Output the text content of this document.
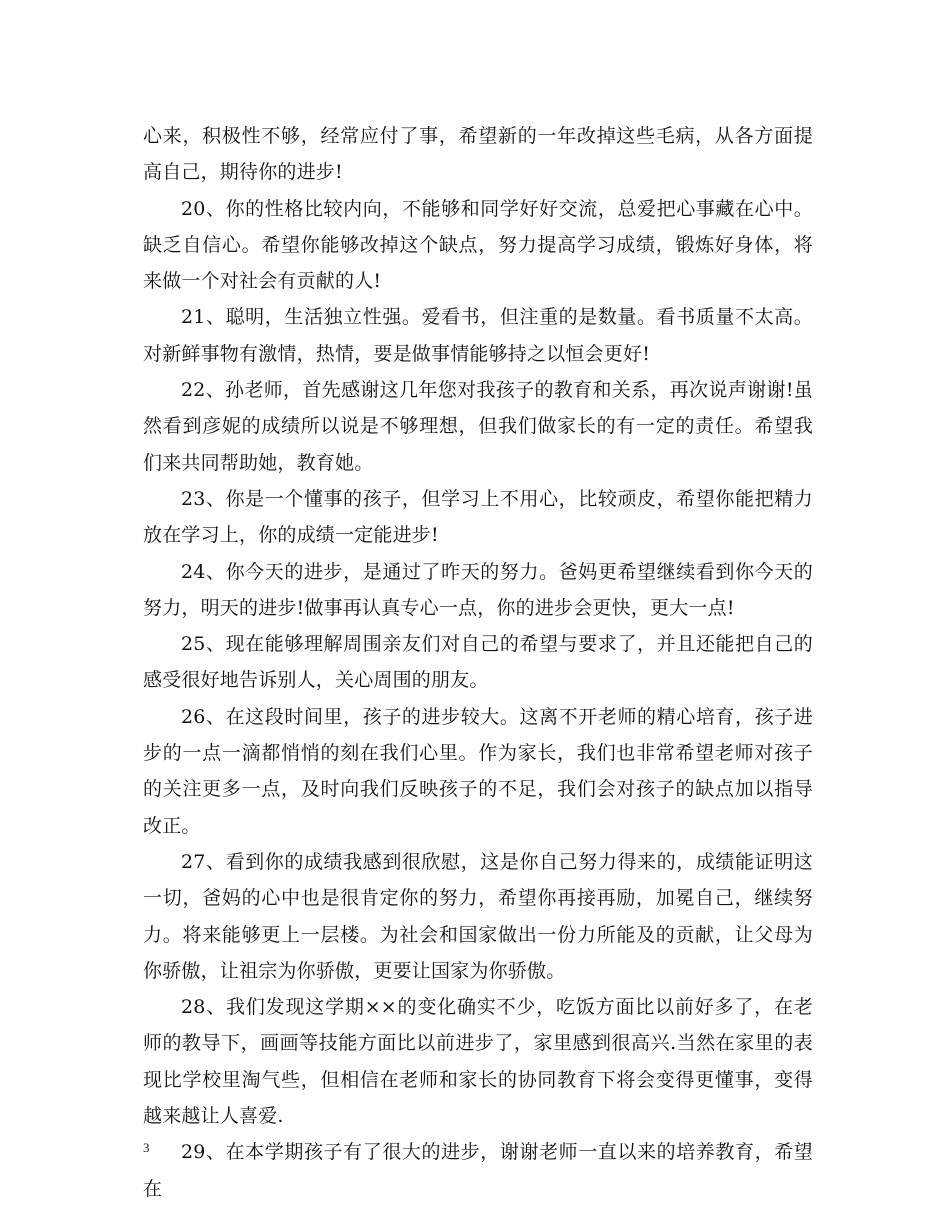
心来，积极性不够，经常应付了事，希望新的一年改掉这些毛病，从各方面提高自己，期待你的进步!

20、你的性格比较内向，不能够和同学好好交流，总爱把心事藏在心中。缺乏自信心。希望你能够改掉这个缺点，努力提高学习成绩，锻炼好身体，将来做一个对社会有贡献的人!

21、聪明，生活独立性强。爱看书，但注重的是数量。看书质量不太高。对新鲜事物有激情，热情，要是做事情能够持之以恒会更好!

22、孙老师，首先感谢这几年您对我孩子的教育和关系，再次说声谢谢!虽然看到彦妮的成绩所以说是不够理想，但我们做家长的有一定的责任。希望我们来共同帮助她，教育她。

23、你是一个懂事的孩子，但学习上不用心，比较顽皮，希望你能把精力放在学习上，你的成绩一定能进步!

24、你今天的进步，是通过了昨天的努力。爸妈更希望继续看到你今天的努力，明天的进步!做事再认真专心一点，你的进步会更快，更大一点!

25、现在能够理解周围亲友们对自己的希望与要求了，并且还能把自己的感受很好地告诉别人，关心周围的朋友。

26、在这段时间里，孩子的进步较大。这离不开老师的精心培育，孩子进步的一点一滴都悄悄的刻在我们心里。作为家长，我们也非常希望老师对孩子的关注更多一点，及时向我们反映孩子的不足，我们会对孩子的缺点加以指导改正。

27、看到你的成绩我感到很欣慰，这是你自己努力得来的，成绩能证明这一切，爸妈的心中也是很肯定你的努力，希望你再接再励，加冕自己，继续努力。将来能够更上一层楼。为社会和国家做出一份力所能及的贡献，让父母为你骄傲，让祖宗为你骄傲，更要让国家为你骄傲。

28、我们发现这学期××的变化确实不少，吃饭方面比以前好多了，在老师的教导下，画画等技能方面比以前进步了，家里感到很高兴.当然在家里的表现比学校里淘气些，但相信在老师和家长的协同教育下将会变得更懂事，变得越来越让人喜爱.

29、在本学期孩子有了很大的进步，谢谢老师一直以来的培养教育，希望在

3
